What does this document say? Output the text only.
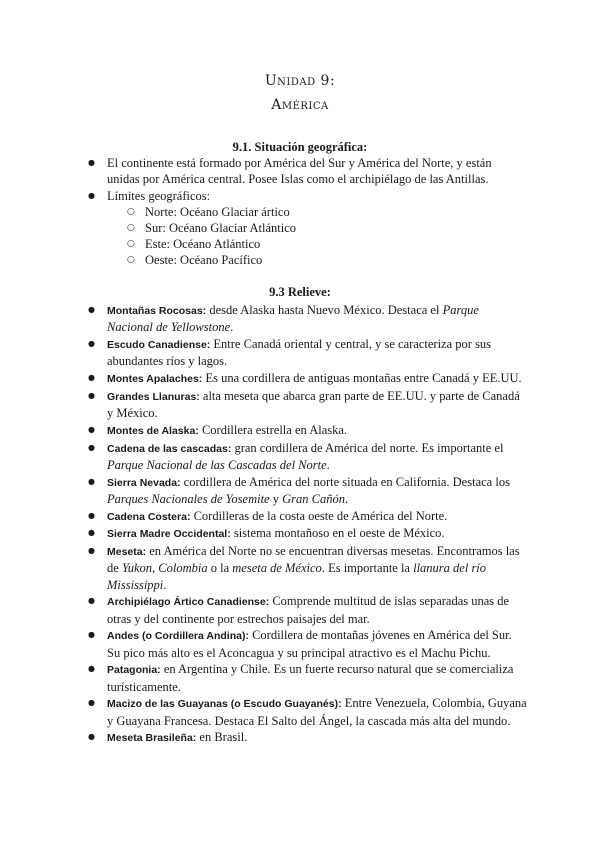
Unidad 9:
América
9.1. Situación geográfica:
● El continente está formado por América del Sur y América del Norte, y están unidas por América central. Posee Islas como el archipiélago de las Antillas.
● Límites geográficos:
○ Norte: Océano Glaciar ártico
○ Sur: Océano Glaciar Atlántico
○ Este: Océano Atlántico
○ Oeste: Océano Pacífico
9.3 Relieve:
● Montañas Rocosas: desde Alaska hasta Nuevo México. Destaca el Parque Nacional de Yellowstone.
● Escudo Canadiense: Entre Canadá oriental y central, y se caracteriza por sus abundantes ríos y lagos.
● Montes Apalaches: Es una cordillera de antiguas montañas entre Canadá y EE.UU.
● Grandes Llanuras: alta meseta que abarca gran parte de EE.UU. y parte de Canadá y México.
● Montes de Alaska: Cordillera estrella en Alaska.
● Cadena de las cascadas: gran cordillera de América del norte. Es importante el Parque Nacional de las Cascadas del Norte.
● Sierra Nevada: cordillera de América del norte situada en California. Destaca los Parques Nacionales de Yosemite y Gran Cañón.
● Cadena Costera: Cordilleras de la costa oeste de América del Norte.
● Sierra Madre Occidental: sistema montañoso en el oeste de México.
● Meseta: en América del Norte no se encuentran diversas mesetas. Encontramos las de Yukon, Colombia o la meseta de México. Es importante la llanura del río Mississippi.
● Archipiélago Ártico Canadiense: Comprende multitud de islas separadas unas de otras y del continente por estrechos paisajes del mar.
● Andes (o Cordillera Andina): Cordillera de montañas jóvenes en América del Sur. Su pico más alto es el Aconcagua y su principal atractivo es el Machu Pichu.
● Patagonia: en Argentina y Chile. Es un fuerte recurso natural que se comercializa turísticamente.
● Macizo de las Guayanas (o Escudo Guayanés): Entre Venezuela, Colombia, Guyana y Guayana Francesa. Destaca El Salto del Ángel, la cascada más alta del mundo.
● Meseta Brasileña: en Brasil.
